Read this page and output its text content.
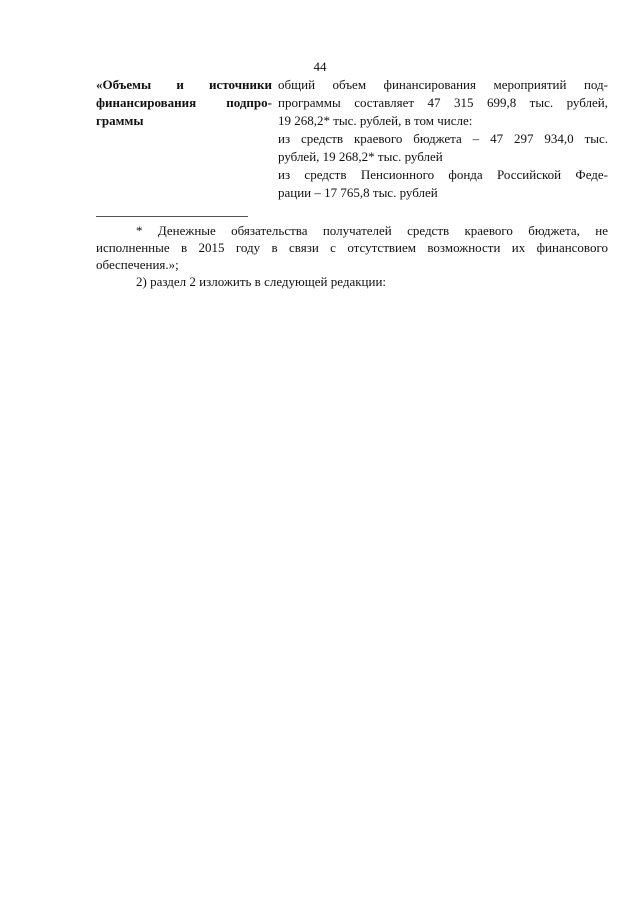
44
«Объемы и источники
финансирования подпро-
граммы
общий объем финансирования мероприятий под-
программы составляет 47 315 699,8 тыс. рублей,
19 268,2* тыс. рублей, в том числе:
из средств краевого бюджета – 47 297 934,0 тыс.
рублей, 19 268,2* тыс. рублей
из средств Пенсионного фонда Российской Феде-
рации – 17 765,8 тыс. рублей
* Денежные обязательства получателей средств краевого бюджета, не
исполненные в 2015 году в связи с отсутствием возможности их финансового
обеспечения.»;
2) раздел 2 изложить в следующей редакции:
